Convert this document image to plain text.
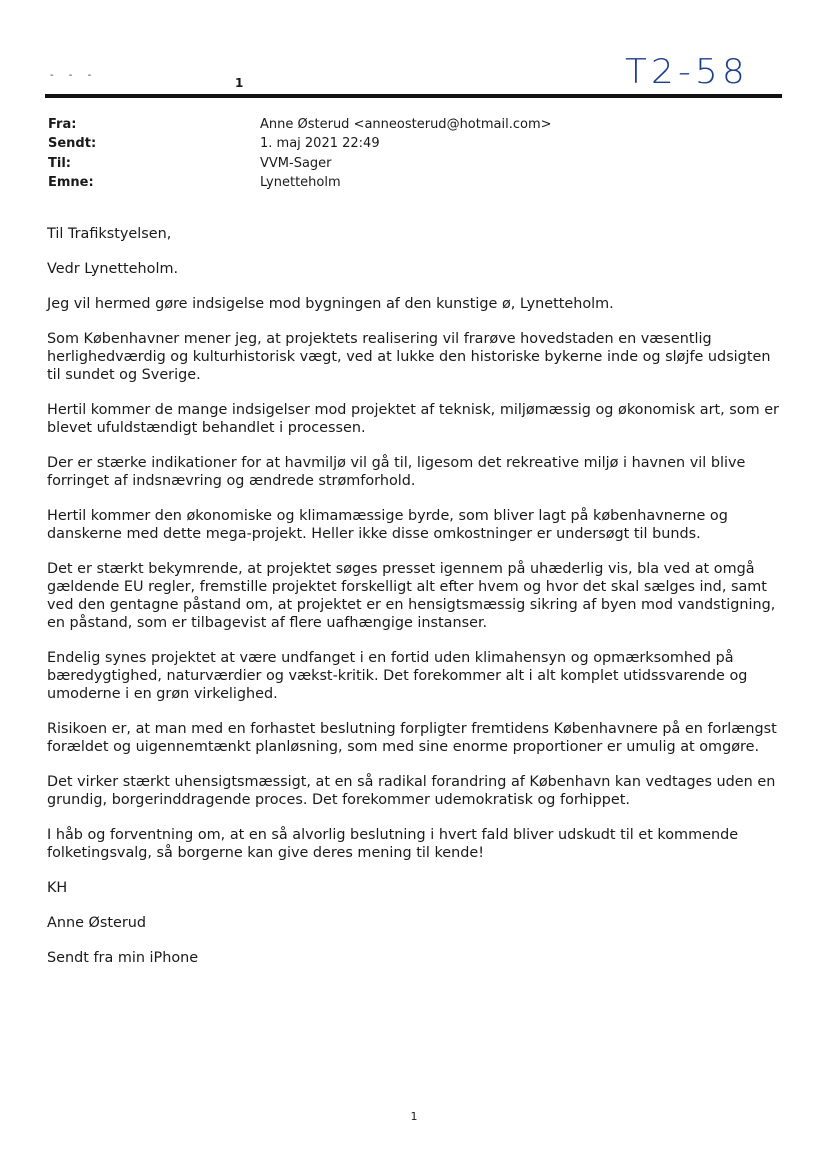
- - -
1	T2-58
Fra:	Anne Østerud <anneosterud@hotmail.com>
Sendt:	1. maj 2021 22:49
Til:	VVM-Sager
Emne:	Lynetteholm

Til Trafikstyelsen,

Vedr Lynetteholm.

Jeg vil hermed gøre indsigelse mod bygningen af den kunstige ø, Lynetteholm.

Som Københavner mener jeg, at projektets realisering vil frarøve hovedstaden en væsentlig herlighedværdig og kulturhistorisk vægt, ved at lukke den historiske bykerne inde og sløjfe udsigten til sundet og Sverige.

Hertil kommer de mange indsigelser mod projektet af teknisk, miljømæssig og økonomisk art, som er blevet ufuldstændigt behandlet i processen.

Der er stærke indikationer for at havmiljø vil gå til, ligesom det rekreative miljø i havnen vil blive forringet af indsnævring og ændrede strømforhold.

Hertil kommer den økonomiske og klimamæssige byrde, som bliver lagt på københavnerne og danskerne med dette mega-projekt. Heller ikke disse omkostninger er undersøgt til bunds.

Det er stærkt bekymrende, at projektet søges presset igennem på uhæderlig vis, bla ved at omgå gældende EU regler, fremstille projektet forskelligt alt efter hvem og hvor det skal sælges ind, samt ved den gentagne påstand om, at projektet er en hensigtsmæssig sikring af byen mod vandstigning, en påstand, som er tilbagevist af flere uafhængige instanser.

Endelig synes projektet at være undfanget i en fortid uden klimahensyn og opmærksomhed på bæredygtighed, naturværdier og vækst-kritik. Det forekommer alt i alt komplet utidssvarende og umoderne i en grøn virkelighed.

Risikoen er, at man med en forhastet beslutning forpligter fremtidens Københavnere på en forlængst forældet og uigennemtænkt planløsning, som med sine enorme proportioner er umulig at omgøre.

Det virker stærkt uhensigtsmæssigt, at en så radikal forandring af København kan vedtages uden en grundig, borgerinddragende proces. Det forekommer udemokratisk og forhippet.

I håb og forventning om, at en så alvorlig beslutning i hvert fald bliver udskudt til et kommende folketingsvalg, så borgerne kan give deres mening til kende!

KH

Anne Østerud

Sendt fra min iPhone

1
